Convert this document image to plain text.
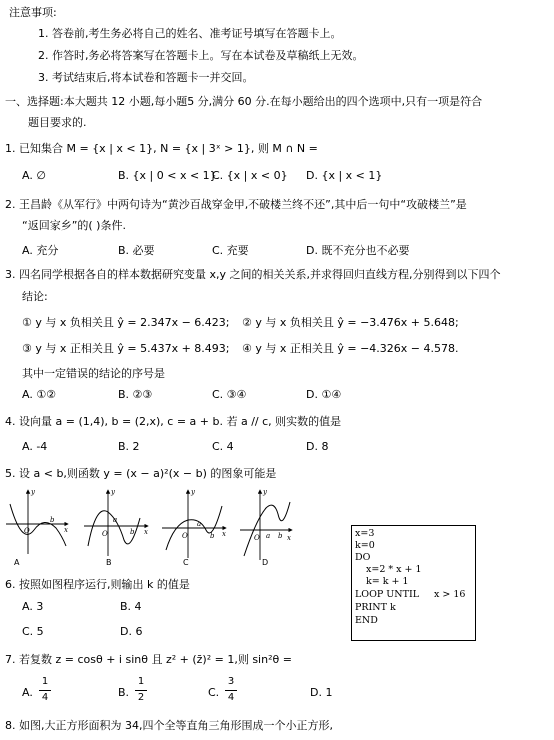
注意事项:
1. 答卷前,考生务必将自己的姓名、准考证号填写在答题卡上。
2. 作答时,务必将答案写在答题卡上。写在本试卷及草稿纸上无效。
3. 考试结束后,将本试卷和答题卡一并交回。
一、选择题:本大题共 12 小题,每小题5 分,满分 60 分.在每小题给出的四个选项中,只有一项是符合
题目要求的.
1. 已知集合 M = {x | x < 1}, N = {x | 3ˣ > 1}, 则 M ∩ N =
A. ∅	B. {x | 0 < x < 1}
C. {x | x < 0} D. {x | x < 1}
2. 王昌龄《从军行》中两句诗为“黄沙百战穿金甲,不破楼兰终不还”,其中后一句中“攻破楼兰”是
“返回家乡”的( )条件.
A. 充分	B. 必要	C. 充要	D. 既不充分也不必要
3. 四名同学根据各自的样本数据研究变量 x,y 之间的相关关系,并求得回归直线方程,分别得到以下四个
结论:
① y 与 x 负相关且 ŷ = 2.347x − 6.423; ② y 与 x 负相关且 ŷ = −3.476x + 5.648;
③ y 与 x 正相关且 ŷ = 5.437x + 8.493; ④ y 与 x 正相关且 ŷ = −4.326x − 4.578.
其中一定错误的结论的序号是
A. ①②	B. ②③	C. ③④	D. ①④
4. 设向量 a = (1,4), b = (2,x), c = a + b. 若 a // c, 则实数的值是
A. -4	B. 2	C. 4	D. 8
5. 设 a < b,则函数 y = (x − a)²(x − b) 的图象可能是
O
b
x
y
A
O
a
b x
y
B
O
a
b x
y
C
O a b x
y
D
x=3
k=0
DO
x=2 * x + 1
k= k + 1
LOOP UNTIL x > 16
PRINT k
END
6. 按照如图程序运行,则输出 k 的值是
A. 3	B. 4
C. 5	D. 6
7. 若复数 z = cosθ + i sinθ 且 z² + (z̄)² = 1,则 sin²θ =
A.
1
4	B.
1
2	C.
3
4	D. 1
8. 如图,大正方形面积为 34,四个全等直角三角形围成一个小正方形,
